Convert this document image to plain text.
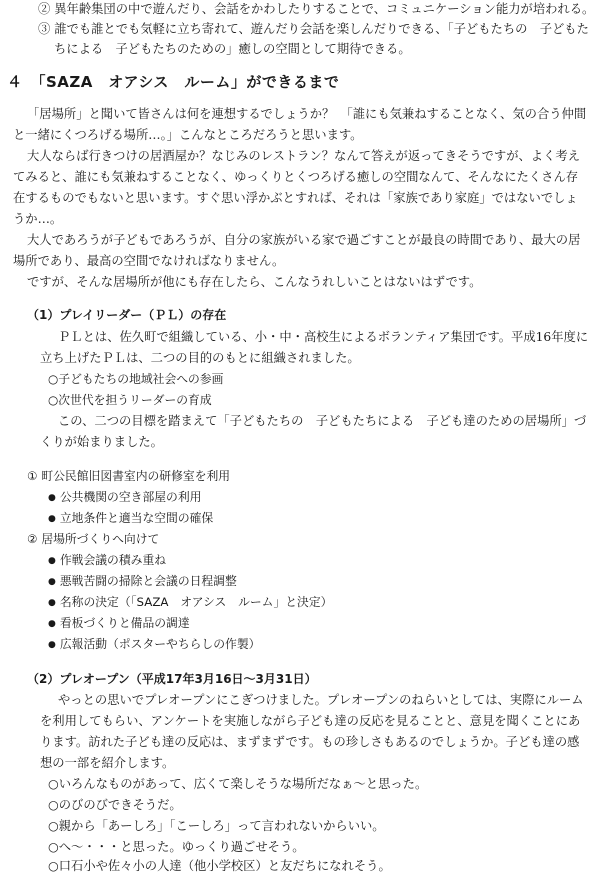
② 異年齢集団の中で遊んだり、会話をかわしたりすることで、コミュニケーション能力が培われる。
③ 誰でも誰とでも気軽に立ち寄れて、遊んだり会話を楽しんだりできる、「子どもたちの　子どもた
ちによる　子どもたちのための」癒しの空間として期待できる。
４　「SAZA　オアシス　ルーム」ができるまで
「居場所」と聞いて皆さんは何を連想するでしょうか？　「誰にも気兼ねすることなく、気の合う仲間
と一緒にくつろげる場所…。」こんなところだろうと思います。
大人ならば行きつけの居酒屋か？なじみのレストラン？なんて答えが返ってきそうですが、よく考え
てみると、誰にも気兼ねすることなく、ゆっくりとくつろげる癒しの空間なんて、そんなにたくさん存
在するものでもないと思います。すぐ思い浮かぶとすれば、それは「家族であり家庭」ではないでしょ
うか…。
大人であろうが子どもであろうが、自分の家族がいる家で過ごすことが最良の時間であり、最大の居
場所であり、最高の空間でなければなりません。
ですが、そんな居場所が他にも存在したら、こんなうれしいことはないはずです。
（1）プレイリーダー（ＰＬ）の存在
ＰＬとは、佐久町で組織している、小・中・高校生によるボランティア集団です。平成16年度に
立ち上げたＰＬは、二つの目的のもとに組織されました。
○子どもたちの地域社会への参画
○次世代を担うリーダーの育成
この、二つの目標を踏まえて「子どもたちの　子どもたちによる　子ども達のための居場所」づ
くりが始まりました。
① 町公民館旧図書室内の研修室を利用
● 公共機関の空き部屋の利用
● 立地条件と適当な空間の確保
② 居場所づくりへ向けて
● 作戦会議の積み重ね
● 悪戦苦闘の掃除と会議の日程調整
● 名称の決定（「SAZA　オアシス　ルーム」と決定）
● 看板づくりと備品の調達
● 広報活動（ポスターやちらしの作製）
（2）プレオープン（平成17年3月16日～3月31日）
やっとの思いでプレオープンにこぎつけました。プレオープンのねらいとしては、実際にルーム
を利用してもらい、アンケートを実施しながら子ども達の反応を見ることと、意見を聞くことにあ
ります。訪れた子ども達の反応は、まずまずです。もの珍しさもあるのでしょうか。子ども達の感
想の一部を紹介します。
○いろんなものがあって、広くて楽しそうな場所だなぁ～と思った。
○のびのびできそうだ。
○親から「あーしろ」「こーしろ」って言われないからいい。
○へ～・・・と思った。ゆっくり過ごせそう。
○口石小や佐々小の人達（他小学校区）と友だちになれそう。
